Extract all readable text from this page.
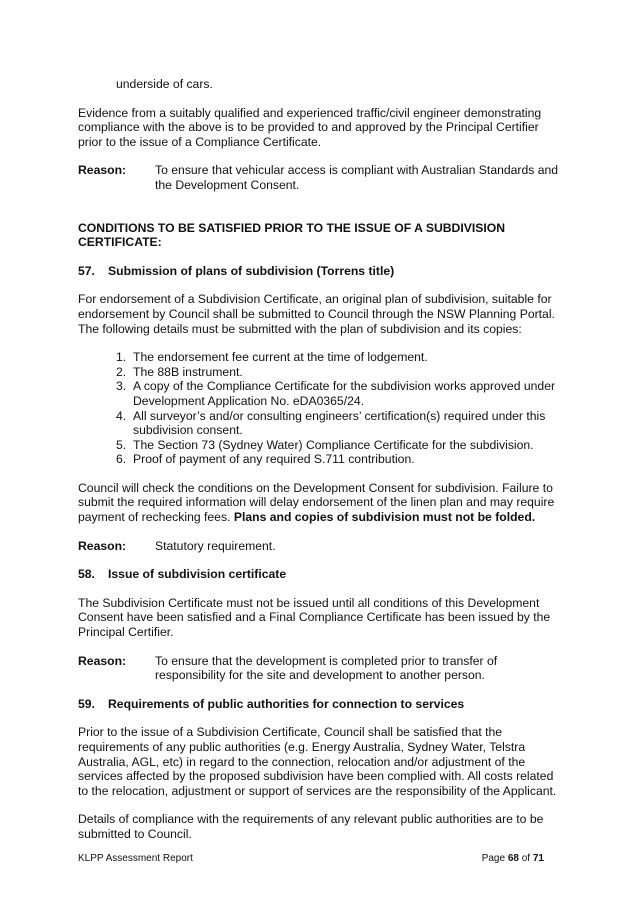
underside of cars.

Evidence from a suitably qualified and experienced traffic/civil engineer demonstrating compliance with the above is to be provided to and approved by the Principal Certifier prior to the issue of a Compliance Certificate.

Reason:	To ensure that vehicular access is compliant with Australian Standards and the Development Consent.

CONDITIONS TO BE SATISFIED PRIOR TO THE ISSUE OF A SUBDIVISION CERTIFICATE:

57.	Submission of plans of subdivision (Torrens title)

For endorsement of a Subdivision Certificate, an original plan of subdivision, suitable for endorsement by Council shall be submitted to Council through the NSW Planning Portal. The following details must be submitted with the plan of subdivision and its copies:

1. The endorsement fee current at the time of lodgement.
2. The 88B instrument.
3. A copy of the Compliance Certificate for the subdivision works approved under Development Application No. eDA0365/24.
4. All surveyor’s and/or consulting engineers’ certification(s) required under this subdivision consent.
5. The Section 73 (Sydney Water) Compliance Certificate for the subdivision.
6. Proof of payment of any required S.711 contribution.

Council will check the conditions on the Development Consent for subdivision. Failure to submit the required information will delay endorsement of the linen plan and may require payment of rechecking fees. Plans and copies of subdivision must not be folded.

Reason:	Statutory requirement.
58.	Issue of subdivision certificate

The Subdivision Certificate must not be issued until all conditions of this Development Consent have been satisfied and a Final Compliance Certificate has been issued by the Principal Certifier.

Reason:	To ensure that the development is completed prior to transfer of responsibility for the site and development to another person.
59.	Requirements of public authorities for connection to services

Prior to the issue of a Subdivision Certificate, Council shall be satisfied that the requirements of any public authorities (e.g. Energy Australia, Sydney Water, Telstra Australia, AGL, etc) in regard to the connection, relocation and/or adjustment of the services affected by the proposed subdivision have been complied with. All costs related to the relocation, adjustment or support of services are the responsibility of the Applicant.

Details of compliance with the requirements of any relevant public authorities are to be submitted to Council.

KLPP Assessment Report	Page 68 of 71
